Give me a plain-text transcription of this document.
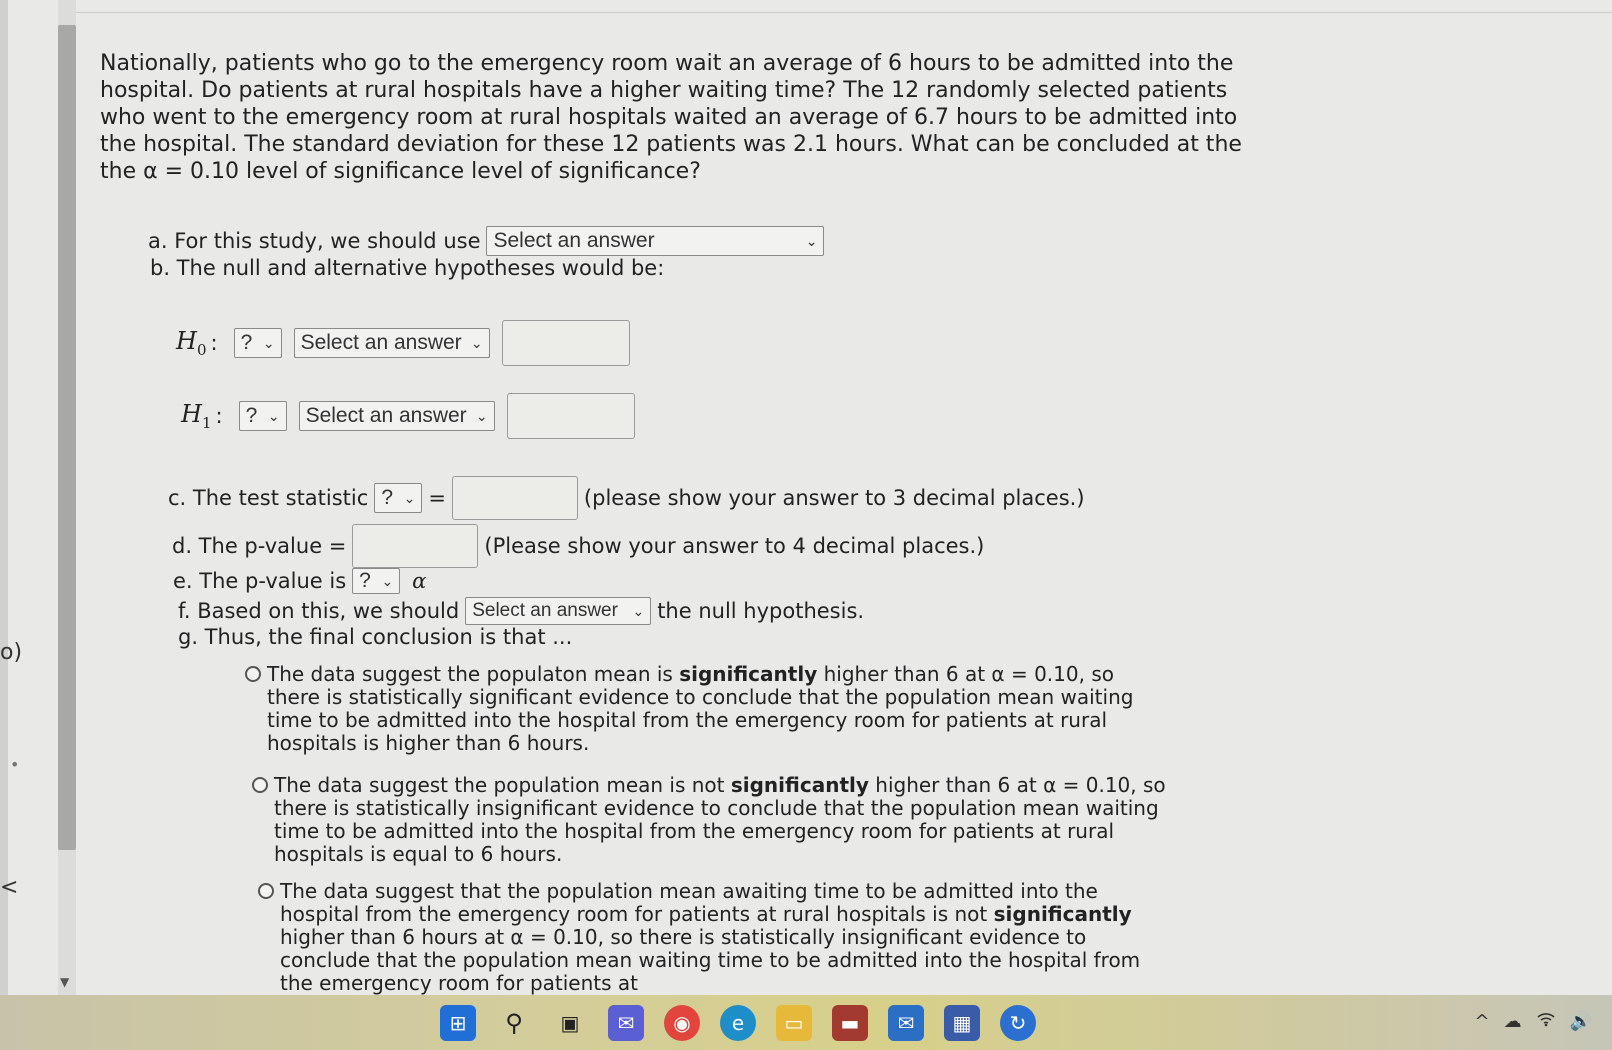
▼
o)
•
<

Nationally, patients who go to the emergency room wait an average of 6 hours to be admitted into the hospital. Do patients at rural hospitals have a higher waiting time? The 12 randomly selected patients who went to the emergency room at rural hospitals waited an average of 6.7 hours to be admitted into the hospital. The standard deviation for these 12 patients was 2.1 hours. What can be concluded at the the α = 0.10 level of significance level of significance?

a. For this study, we should use Select an answer	⌄
b. The null and alternative hypotheses would be:
$H_0$ : ? ⌄ Select an answer ⌄
$H_1$ : ? ⌄ Select an answer ⌄
c. The test statistic ? ⌄ =	(please show your answer to 3 decimal places.)
d. The p-value =	(Please show your answer to 4 decimal places.)
e. The p-value is ? ⌄ α
f. Based on this, we should Select an answer ⌄ the null hypothesis.
g. Thus, the final conclusion is that ...
The data suggest the populaton mean is significantly higher than 6 at α = 0.10, so there is statistically significant evidence to conclude that the population mean waiting time to be admitted into the hospital from the emergency room for patients at rural hospitals is higher than 6 hours.
The data suggest the population mean is not significantly higher than 6 at α = 0.10, so there is statistically insignificant evidence to conclude that the population mean waiting time to be admitted into the hospital from the emergency room for patients at rural hospitals is equal to 6 hours.
The data suggest that the population mean awaiting time to be admitted into the hospital from the emergency room for patients at rural hospitals is not significantly higher than 6 hours at α = 0.10, so there is statistically insignificant evidence to conclude that the population mean waiting time to be admitted into the hospital from the emergency room for patients at
⊞	⚲	▣	✉	◉	e	▭	▬	✉	▦	↻	^ ☁	🔊
